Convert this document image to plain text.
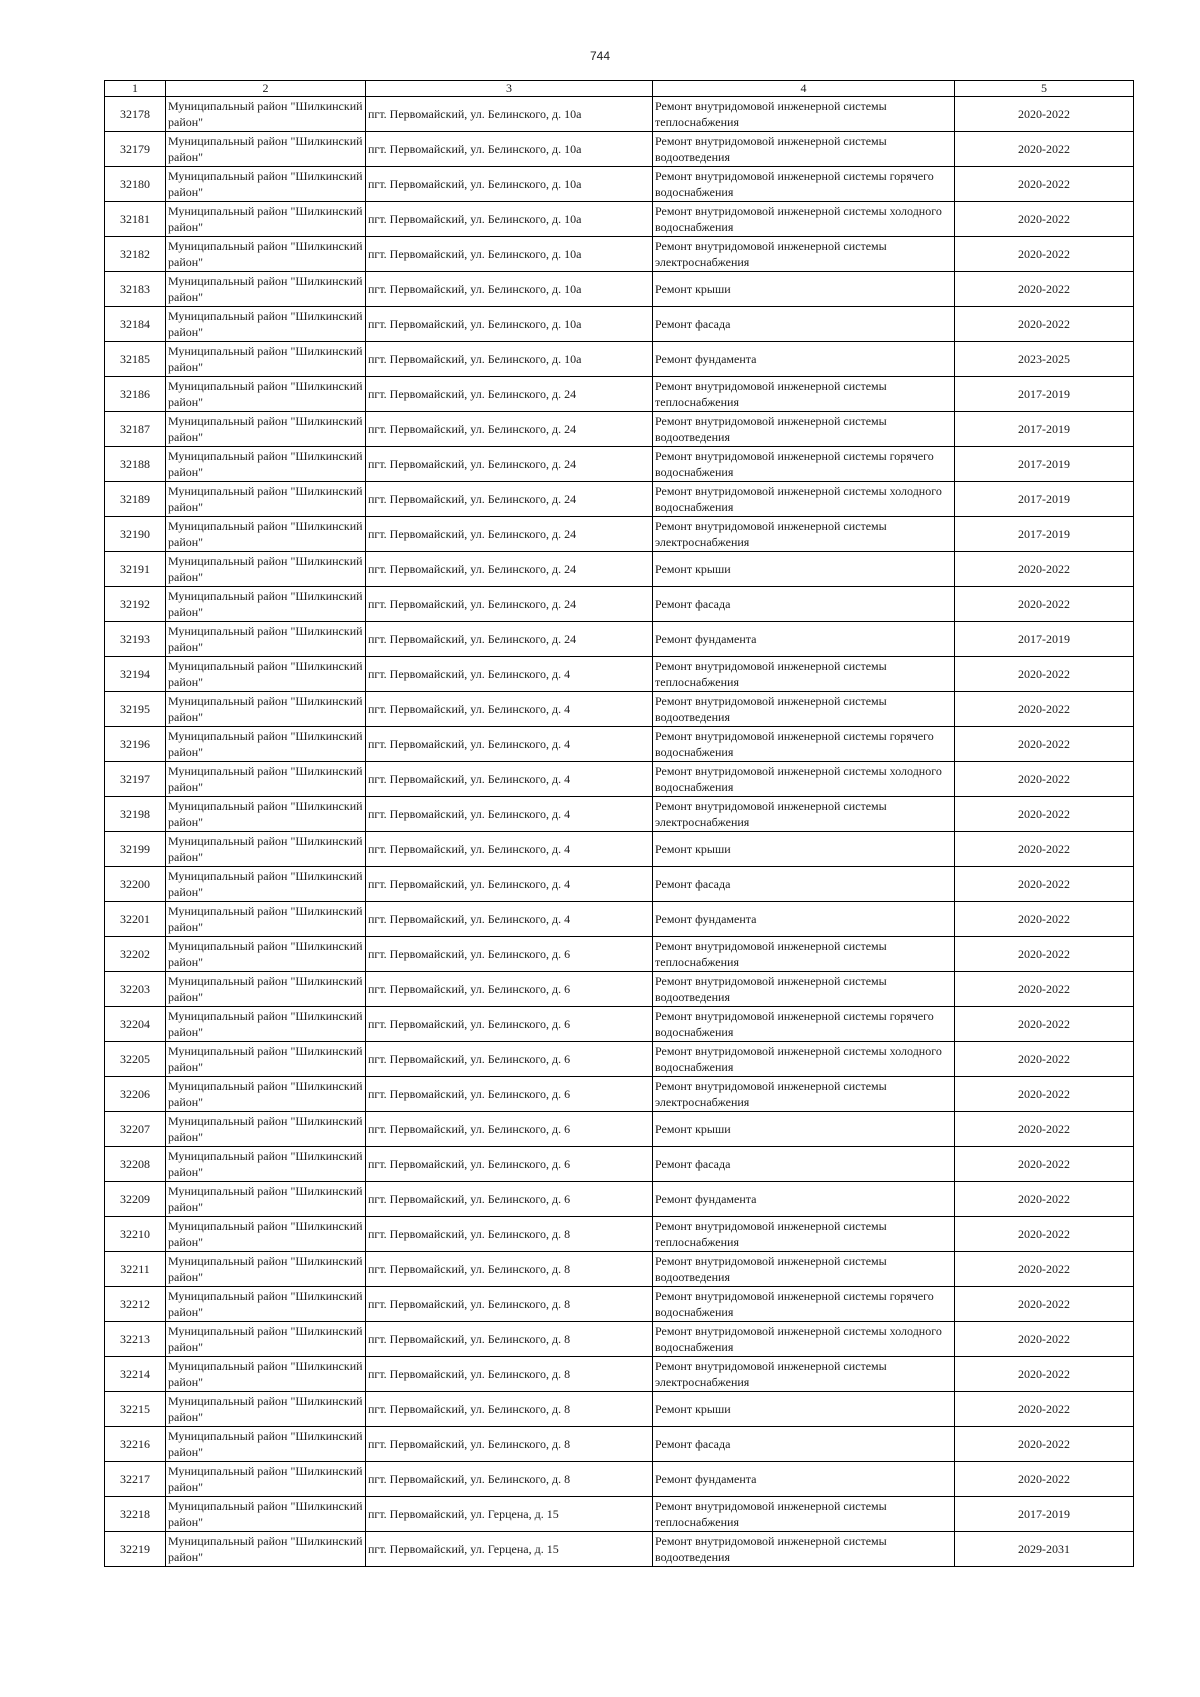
744
1	2	3	4	5
32178	Муниципальный район "Шилкинский район"	пгт. Первомайский, ул. Белинского, д. 10а	Ремонт внутридомовой инженерной системы теплоснабжения	2020-2022
32179	Муниципальный район "Шилкинский район"	пгт. Первомайский, ул. Белинского, д. 10а	Ремонт внутридомовой инженерной системы водоотведения	2020-2022
32180	Муниципальный район "Шилкинский район"	пгт. Первомайский, ул. Белинского, д. 10а	Ремонт внутридомовой инженерной системы горячего водоснабжения	2020-2022
32181	Муниципальный район "Шилкинский район"	пгт. Первомайский, ул. Белинского, д. 10а	Ремонт внутридомовой инженерной системы холодного водоснабжения	2020-2022
32182	Муниципальный район "Шилкинский район"	пгт. Первомайский, ул. Белинского, д. 10а	Ремонт внутридомовой инженерной системы электроснабжения	2020-2022
32183	Муниципальный район "Шилкинский район"	пгт. Первомайский, ул. Белинского, д. 10а	Ремонт крыши	2020-2022
32184	Муниципальный район "Шилкинский район"	пгт. Первомайский, ул. Белинского, д. 10а	Ремонт фасада	2020-2022
32185	Муниципальный район "Шилкинский район"	пгт. Первомайский, ул. Белинского, д. 10а	Ремонт фундамента	2023-2025
32186	Муниципальный район "Шилкинский район"	пгт. Первомайский, ул. Белинского, д. 24	Ремонт внутридомовой инженерной системы теплоснабжения	2017-2019
32187	Муниципальный район "Шилкинский район"	пгт. Первомайский, ул. Белинского, д. 24	Ремонт внутридомовой инженерной системы водоотведения	2017-2019
32188	Муниципальный район "Шилкинский район"	пгт. Первомайский, ул. Белинского, д. 24	Ремонт внутридомовой инженерной системы горячего водоснабжения	2017-2019
32189	Муниципальный район "Шилкинский район"	пгт. Первомайский, ул. Белинского, д. 24	Ремонт внутридомовой инженерной системы холодного водоснабжения	2017-2019
32190	Муниципальный район "Шилкинский район"	пгт. Первомайский, ул. Белинского, д. 24	Ремонт внутридомовой инженерной системы электроснабжения	2017-2019
32191	Муниципальный район "Шилкинский район"	пгт. Первомайский, ул. Белинского, д. 24	Ремонт крыши	2020-2022
32192	Муниципальный район "Шилкинский район"	пгт. Первомайский, ул. Белинского, д. 24	Ремонт фасада	2020-2022
32193	Муниципальный район "Шилкинский район"	пгт. Первомайский, ул. Белинского, д. 24	Ремонт фундамента	2017-2019
32194	Муниципальный район "Шилкинский район"	пгт. Первомайский, ул. Белинского, д. 4	Ремонт внутридомовой инженерной системы теплоснабжения	2020-2022
32195	Муниципальный район "Шилкинский район"	пгт. Первомайский, ул. Белинского, д. 4	Ремонт внутридомовой инженерной системы водоотведения	2020-2022
32196	Муниципальный район "Шилкинский район"	пгт. Первомайский, ул. Белинского, д. 4	Ремонт внутридомовой инженерной системы горячего водоснабжения	2020-2022
32197	Муниципальный район "Шилкинский район"	пгт. Первомайский, ул. Белинского, д. 4	Ремонт внутридомовой инженерной системы холодного водоснабжения	2020-2022
32198	Муниципальный район "Шилкинский район"	пгт. Первомайский, ул. Белинского, д. 4	Ремонт внутридомовой инженерной системы электроснабжения	2020-2022
32199	Муниципальный район "Шилкинский район"	пгт. Первомайский, ул. Белинского, д. 4	Ремонт крыши	2020-2022
32200	Муниципальный район "Шилкинский район"	пгт. Первомайский, ул. Белинского, д. 4	Ремонт фасада	2020-2022
32201	Муниципальный район "Шилкинский район"	пгт. Первомайский, ул. Белинского, д. 4	Ремонт фундамента	2020-2022
32202	Муниципальный район "Шилкинский район"	пгт. Первомайский, ул. Белинского, д. 6	Ремонт внутридомовой инженерной системы теплоснабжения	2020-2022
32203	Муниципальный район "Шилкинский район"	пгт. Первомайский, ул. Белинского, д. 6	Ремонт внутридомовой инженерной системы водоотведения	2020-2022
32204	Муниципальный район "Шилкинский район"	пгт. Первомайский, ул. Белинского, д. 6	Ремонт внутридомовой инженерной системы горячего водоснабжения	2020-2022
32205	Муниципальный район "Шилкинский район"	пгт. Первомайский, ул. Белинского, д. 6	Ремонт внутридомовой инженерной системы холодного водоснабжения	2020-2022
32206	Муниципальный район "Шилкинский район"	пгт. Первомайский, ул. Белинского, д. 6	Ремонт внутридомовой инженерной системы электроснабжения	2020-2022
32207	Муниципальный район "Шилкинский район"	пгт. Первомайский, ул. Белинского, д. 6	Ремонт крыши	2020-2022
32208	Муниципальный район "Шилкинский район"	пгт. Первомайский, ул. Белинского, д. 6	Ремонт фасада	2020-2022
32209	Муниципальный район "Шилкинский район"	пгт. Первомайский, ул. Белинского, д. 6	Ремонт фундамента	2020-2022
32210	Муниципальный район "Шилкинский район"	пгт. Первомайский, ул. Белинского, д. 8	Ремонт внутридомовой инженерной системы теплоснабжения	2020-2022
32211	Муниципальный район "Шилкинский район"	пгт. Первомайский, ул. Белинского, д. 8	Ремонт внутридомовой инженерной системы водоотведения	2020-2022
32212	Муниципальный район "Шилкинский район"	пгт. Первомайский, ул. Белинского, д. 8	Ремонт внутридомовой инженерной системы горячего водоснабжения	2020-2022
32213	Муниципальный район "Шилкинский район"	пгт. Первомайский, ул. Белинского, д. 8	Ремонт внутридомовой инженерной системы холодного водоснабжения	2020-2022
32214	Муниципальный район "Шилкинский район"	пгт. Первомайский, ул. Белинского, д. 8	Ремонт внутридомовой инженерной системы электроснабжения	2020-2022
32215	Муниципальный район "Шилкинский район"	пгт. Первомайский, ул. Белинского, д. 8	Ремонт крыши	2020-2022
32216	Муниципальный район "Шилкинский район"	пгт. Первомайский, ул. Белинского, д. 8	Ремонт фасада	2020-2022
32217	Муниципальный район "Шилкинский район"	пгт. Первомайский, ул. Белинского, д. 8	Ремонт фундамента	2020-2022
32218	Муниципальный район "Шилкинский район"	пгт. Первомайский, ул. Герцена, д. 15	Ремонт внутридомовой инженерной системы теплоснабжения	2017-2019
32219	Муниципальный район "Шилкинский район"	пгт. Первомайский, ул. Герцена, д. 15	Ремонт внутридомовой инженерной системы водоотведения	2029-2031
